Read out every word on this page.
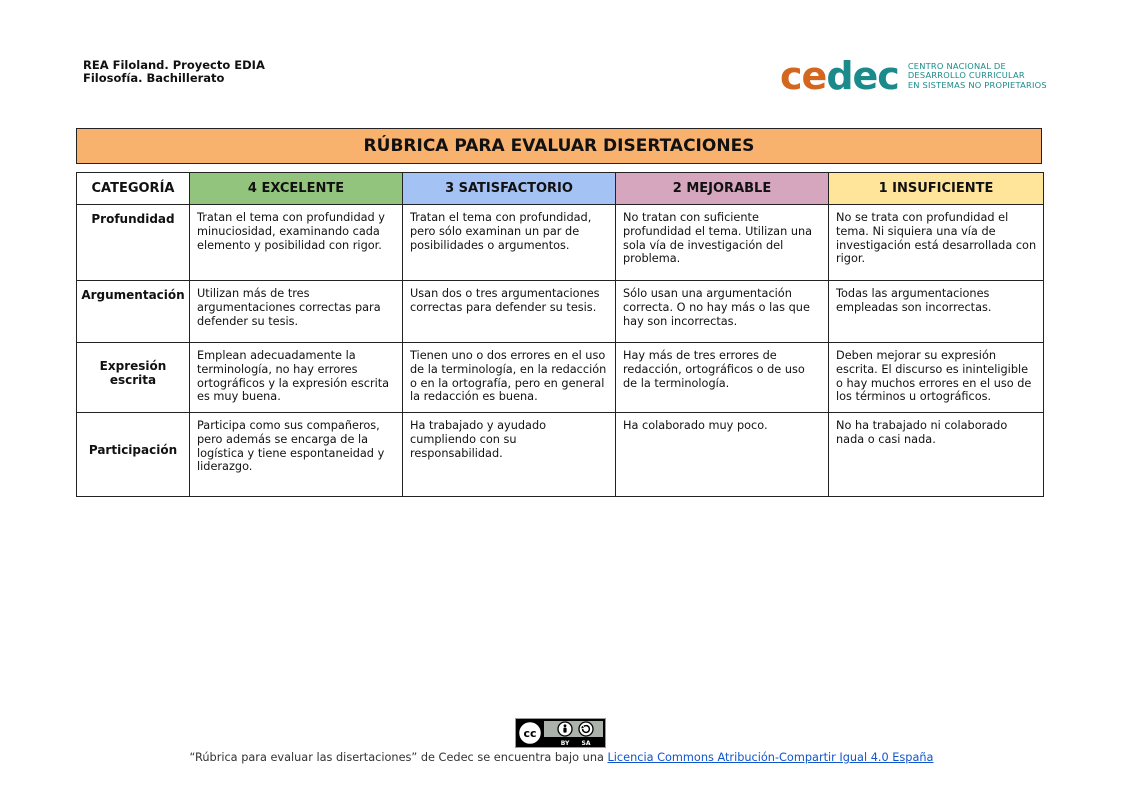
REA Filoland. Proyecto EDIA
Filosofía. Bachillerato	cedec CENTRO NACIONAL DE
DESARROLLO CURRICULAR
EN SISTEMAS NO PROPIETARIOS
RÚBRICA PARA EVALUAR DISERTACIONES
CATEGORÍA	4 EXCELENTE	3 SATISFACTORIO	2 MEJORABLE	1 INSUFICIENTE
Profundidad	Tratan el tema con profundidad y minuciosidad, examinando cada elemento y posibilidad con rigor.	Tratan el tema con profundidad, pero sólo examinan un par de posibilidades o argumentos.	No tratan con suficiente profundidad el tema. Utilizan una sola vía de investigación del problema.	No se trata con profundidad el tema. Ni siquiera una vía de investigación está desarrollada con rigor.
Argumentación	Utilizan más de tres argumentaciones correctas para defender su tesis.	Usan dos o tres argumentaciones correctas para defender su tesis.	Sólo usan una argumentación correcta. O no hay más o las que hay son incorrectas.	Todas las argumentaciones empleadas son incorrectas.
Expresión escrita	Emplean adecuadamente la terminología, no hay errores ortográficos y la expresión escrita es muy buena.	Tienen uno o dos errores en el uso de la terminología, en la redacción o en la ortografía, pero en general la redacción es buena.	Hay más de tres errores de redacción, ortográficos o de uso de la terminología.	Deben mejorar su expresión escrita. El discurso es ininteligible o hay muchos errores en el uso de los términos u ortográficos.
Participación	Participa como sus compañeros, pero además se encarga de la logística y tiene espontaneidad y liderazgo.	Ha trabajado y ayudado cumpliendo con su responsabilidad.	Ha colaborado muy poco.	No ha trabajado ni colaborado nada o casi nada.
cc
BY SA
“Rúbrica para evaluar las disertaciones” de Cedec se encuentra bajo una Licencia Commons Atribución-Compartir Igual 4.0 España
